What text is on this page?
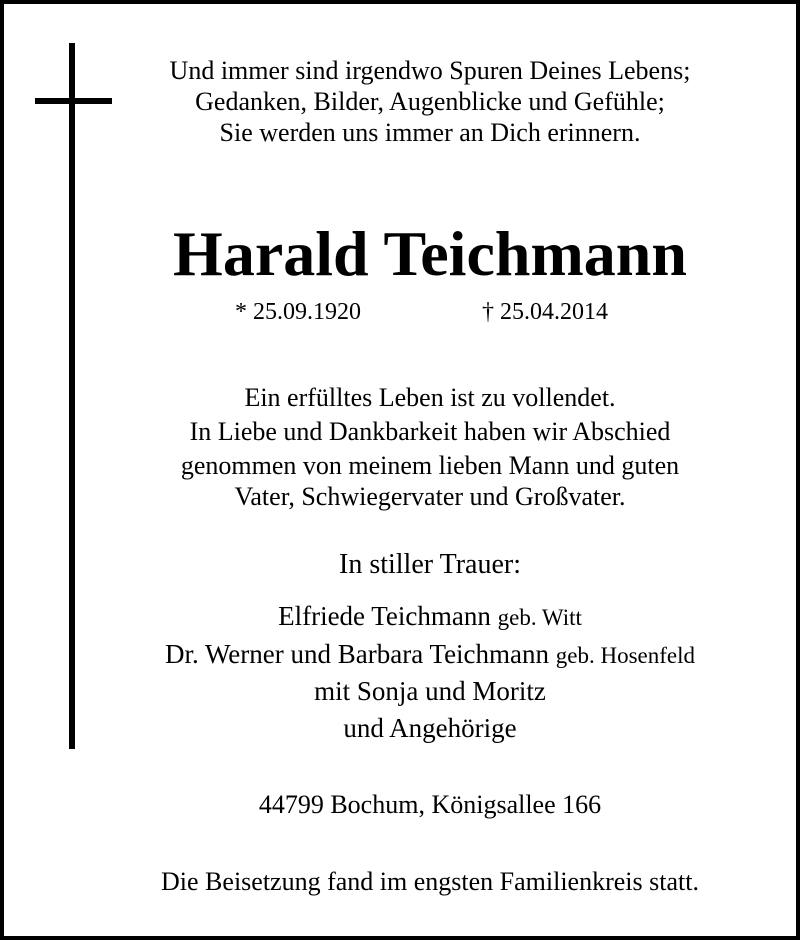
Und immer sind irgendwo Spuren Deines Lebens;
Gedanken, Bilder, Augenblicke und Gefühle;
Sie werden uns immer an Dich erinnern.
Harald Teichmann
* 25.09.1920	† 25.04.2014
Ein erfülltes Leben ist zu vollendet.
In Liebe und Dankbarkeit haben wir Abschied
genommen von meinem lieben Mann und guten
Vater, Schwiegervater und Großvater.
In stiller Trauer:
Elfriede Teichmann geb. Witt
Dr. Werner und Barbara Teichmann geb. Hosenfeld
mit Sonja und Moritz
und Angehörige
44799 Bochum, Königsallee 166
Die Beisetzung fand im engsten Familienkreis statt.
